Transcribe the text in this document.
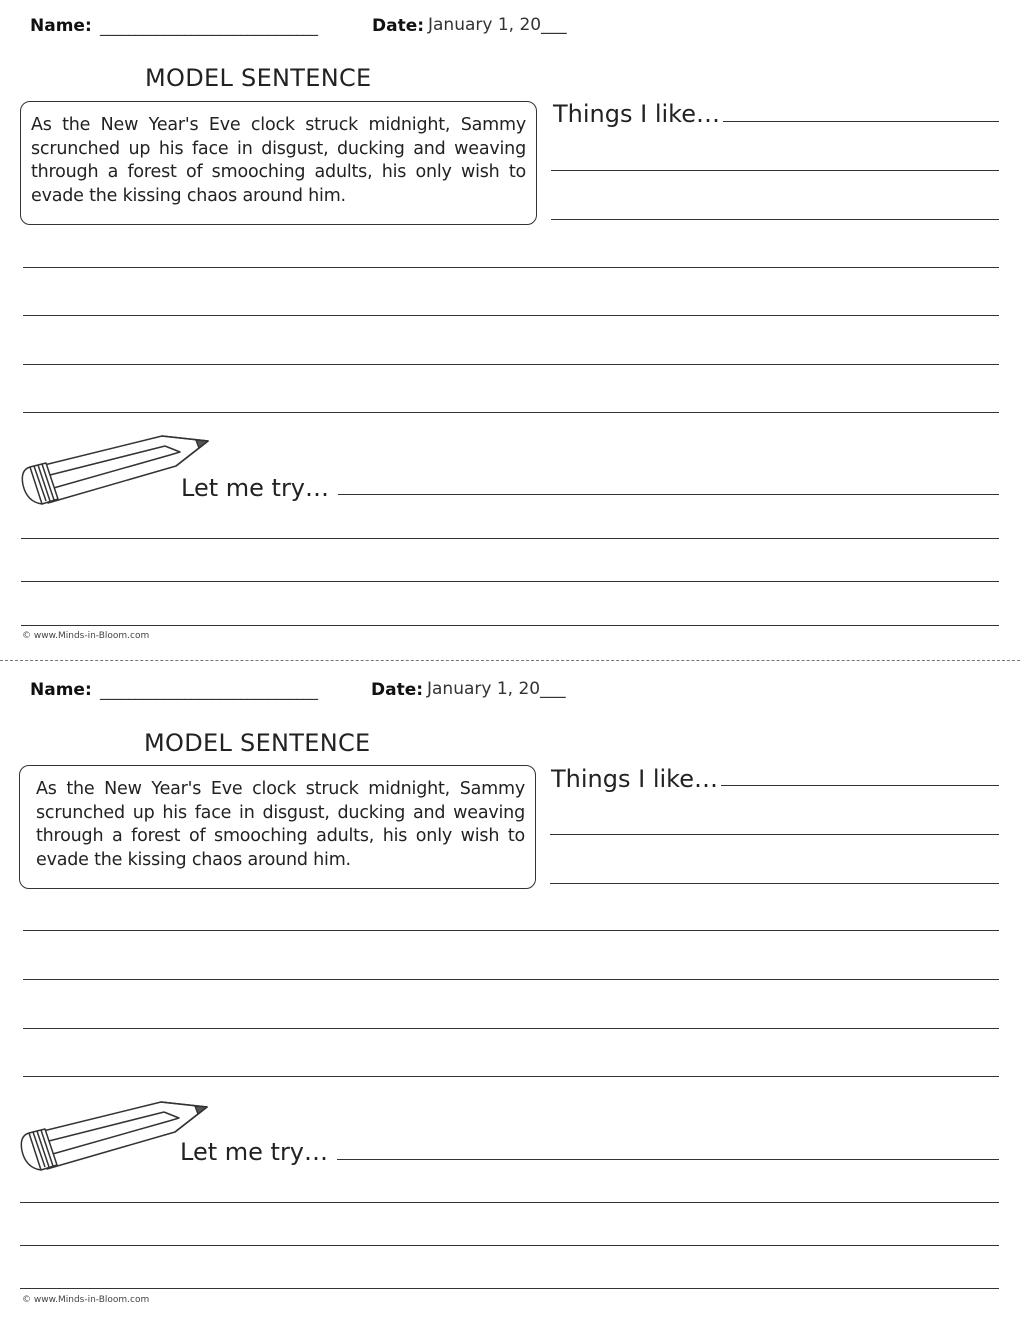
Name: _______________________________	Date: January 1, 20___
MODEL SENTENCE
As the New Year's Eve clock struck midnight, Sammy scrunched up his face in disgust, ducking and weaving through a forest of smooching adults, his only wish to evade the kissing chaos around him.
Things I like…
Let me try…
© www.Minds-in-Bloom.com
Name: _______________________________	Date: January 1, 20___
MODEL SENTENCE
As the New Year's Eve clock struck midnight, Sammy scrunched up his face in disgust, ducking and weaving through a forest of smooching adults, his only wish to evade the kissing chaos around him.
Things I like…
Let me try…
© www.Minds-in-Bloom.com
